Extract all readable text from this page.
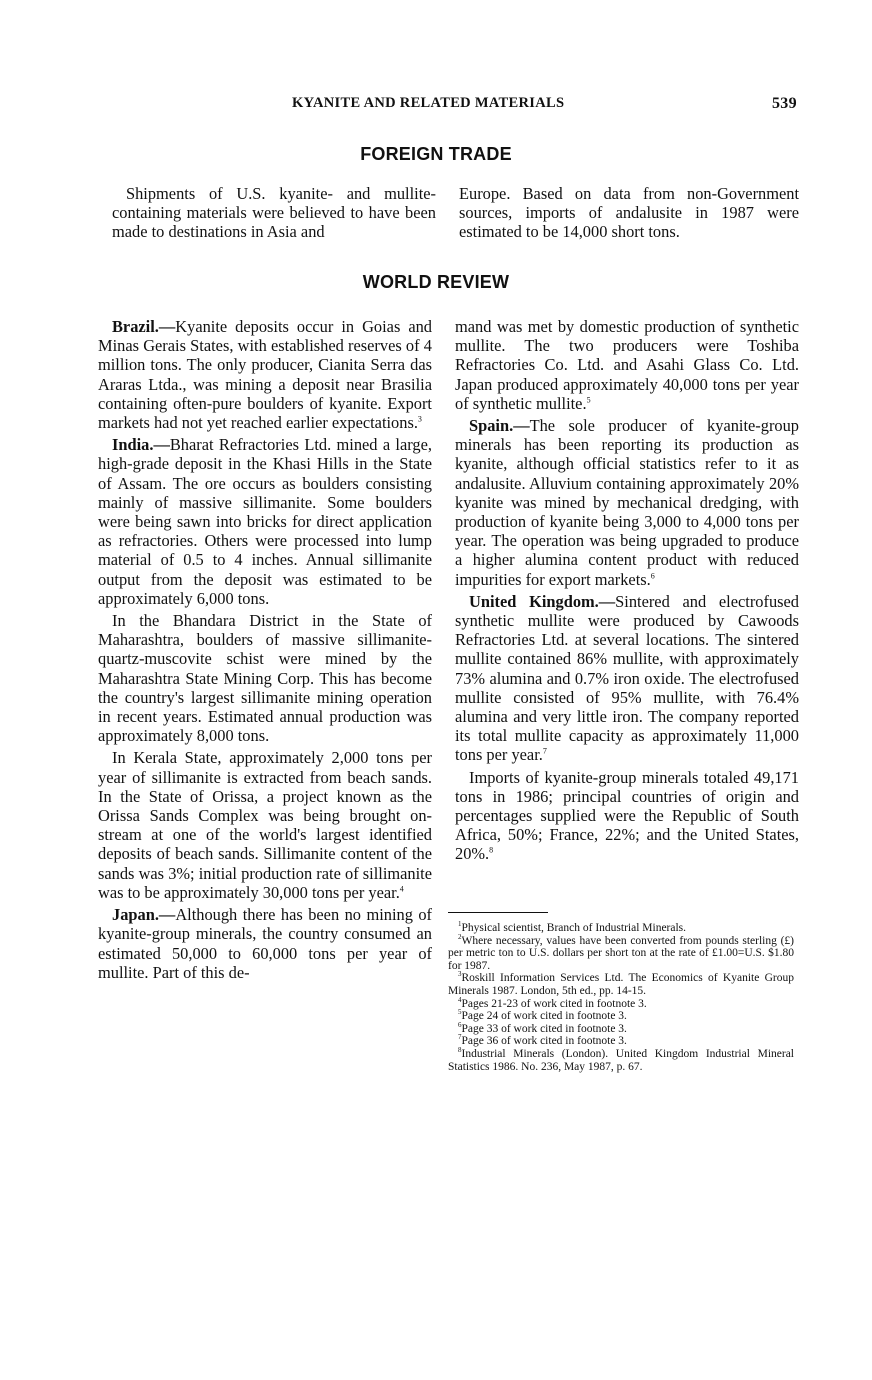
KYANITE AND RELATED MATERIALS	539
FOREIGN TRADE

Shipments of U.S. kyanite- and mullite-containing materials were believed to have been made to destinations in Asia and

Europe. Based on data from non-Government sources, imports of andalusite in 1987 were estimated to be 14,000 short tons.

WORLD REVIEW

Brazil.—Kyanite deposits occur in Goias and Minas Gerais States, with established reserves of 4 million tons. The only producer, Cianita Serra das Araras Ltda., was mining a deposit near Brasilia containing often-pure boulders of kyanite. Export markets had not yet reached earlier expectations.$^3$

India.—Bharat Refractories Ltd. mined a large, high-grade deposit in the Khasi Hills in the State of Assam. The ore occurs as boulders consisting mainly of massive sillimanite. Some boulders were being sawn into bricks for direct application as refractories. Others were processed into lump material of 0.5 to 4 inches. Annual sillimanite output from the deposit was estimated to be approximately 6,000 tons.

In the Bhandara District in the State of Maharashtra, boulders of massive sillimanite-quartz-muscovite schist were mined by the Maharashtra State Mining Corp. This has become the country's largest sillimanite mining operation in recent years. Estimated annual production was approximately 8,000 tons.

In Kerala State, approximately 2,000 tons per year of sillimanite is extracted from beach sands. In the State of Orissa, a project known as the Orissa Sands Complex was being brought on-stream at one of the world's largest identified deposits of beach sands. Sillimanite content of the sands was 3%; initial production rate of sillimanite was to be approximately 30,000 tons per year.$^4$

Japan.—Although there has been no mining of kyanite-group minerals, the country consumed an estimated 50,000 to 60,000 tons per year of mullite. Part of this de-

mand was met by domestic production of synthetic mullite. The two producers were Toshiba Refractories Co. Ltd. and Asahi Glass Co. Ltd. Japan produced approximately 40,000 tons per year of synthetic mullite.$^5$

Spain.—The sole producer of kyanite-group minerals has been reporting its production as kyanite, although official statistics refer to it as andalusite. Alluvium containing approximately 20% kyanite was mined by mechanical dredging, with production of kyanite being 3,000 to 4,000 tons per year. The operation was being upgraded to produce a higher alumina content product with reduced impurities for export markets.$^6$

United Kingdom.—Sintered and electrofused synthetic mullite were produced by Cawoods Refractories Ltd. at several locations. The sintered mullite contained 86% mullite, with approximately 73% alumina and 0.7% iron oxide. The electrofused mullite consisted of 95% mullite, with 76.4% alumina and very little iron. The company reported its total mullite capacity as approximately 11,000 tons per year.$^7$

Imports of kyanite-group minerals totaled 49,171 tons in 1986; principal countries of origin and percentages supplied were the Republic of South Africa, 50%; France, 22%; and the United States, 20%.$^8$

$^1$Physical scientist, Branch of Industrial Minerals.

$^2$Where necessary, values have been converted from pounds sterling (£) per metric ton to U.S. dollars per short ton at the rate of £1.00=U.S. $1.80 for 1987.

$^3$Roskill Information Services Ltd. The Economics of Kyanite Group Minerals 1987. London, 5th ed., pp. 14-15.

$^4$Pages 21-23 of work cited in footnote 3.

$^5$Page 24 of work cited in footnote 3.

$^6$Page 33 of work cited in footnote 3.

$^7$Page 36 of work cited in footnote 3.

$^8$Industrial Minerals (London). United Kingdom Industrial Mineral Statistics 1986. No. 236, May 1987, p. 67.
